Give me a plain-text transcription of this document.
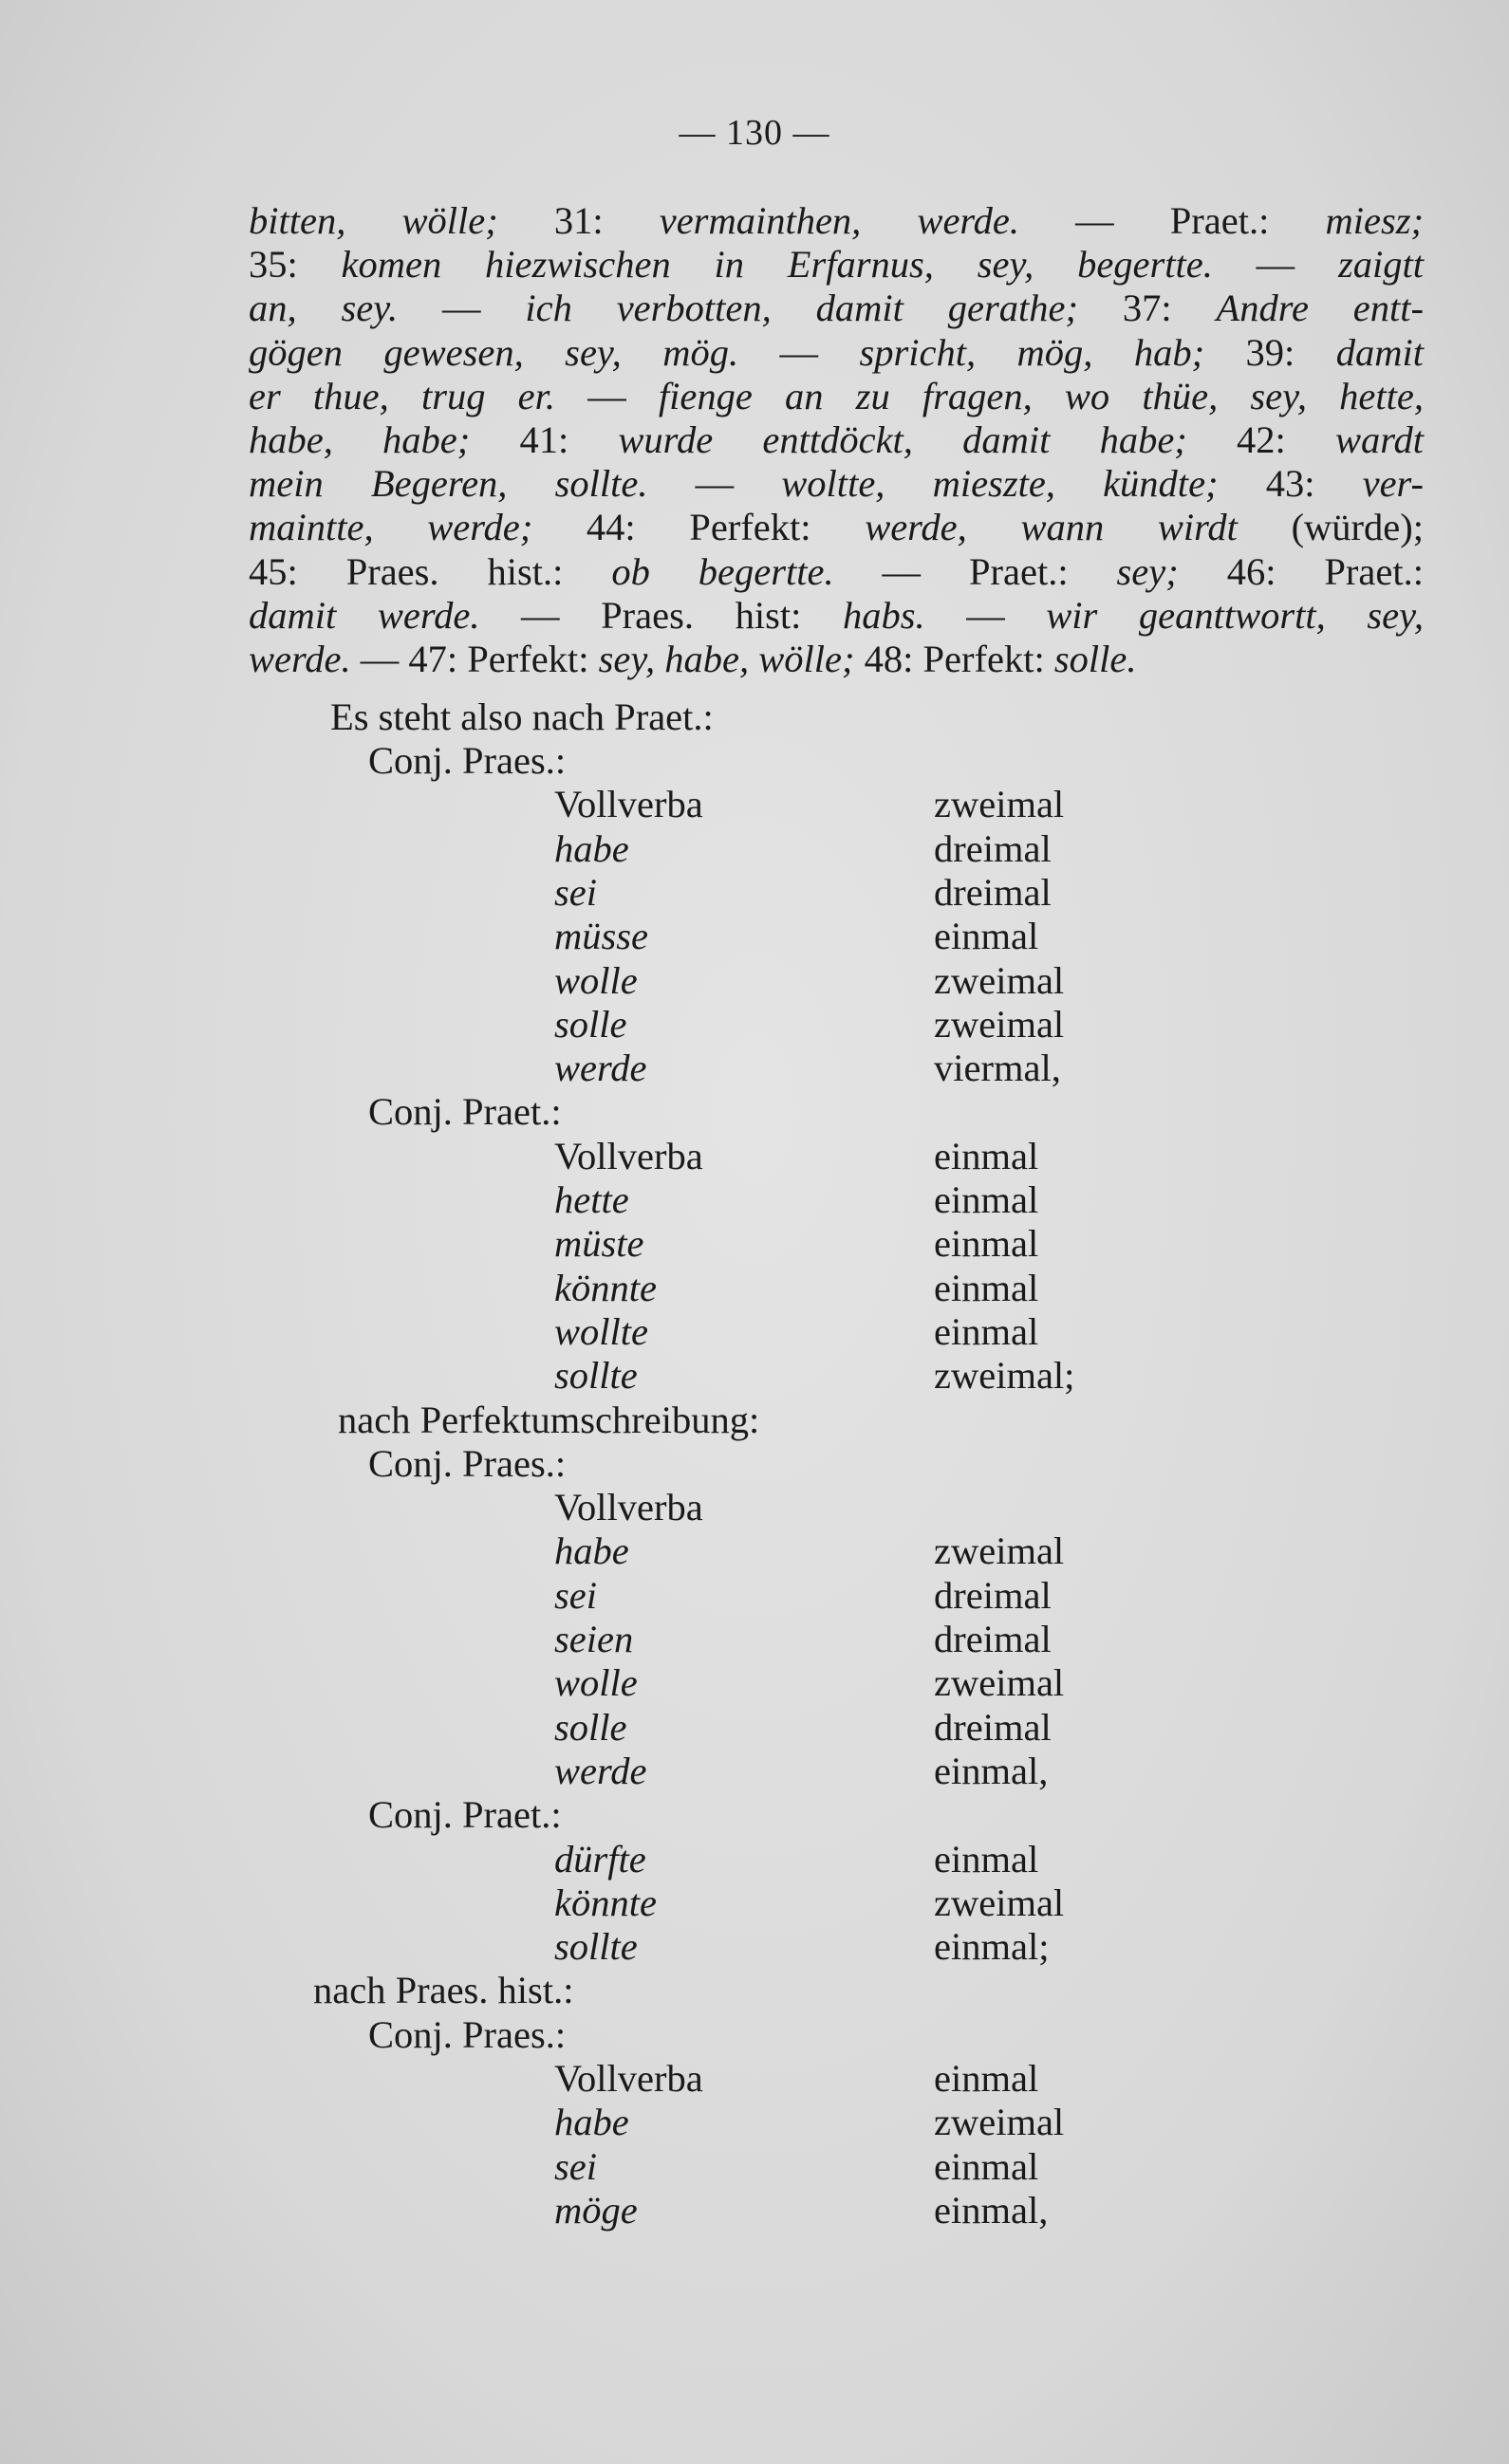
— 130 —
bitten, wölle; 31: vermainthen, werde. — Praet.: miesz;
35: komen hiezwischen in Erfarnus, sey, begertte. — zaigtt
an, sey. — ich verbotten, damit gerathe; 37: Andre entt-
gögen gewesen, sey, mög. — spricht, mög, hab; 39: damit
er thue, trug er. — fienge an zu fragen, wo thüe, sey, hette,
habe, habe; 41: wurde enttdöckt, damit habe; 42: wardt
mein Begeren, sollte. — woltte, mieszte, kündte; 43: ver-
maintte, werde; 44: Perfekt: werde, wann wirdt (würde);
45: Praes. hist.: ob begertte. — Praet.: sey; 46: Praet.:
damit werde. — Praes. hist: habs. — wir geanttwortt, sey,
werde. — 47: Perfekt: sey, habe, wölle; 48: Perfekt: solle.
Es steht also nach Praet.:
Conj. Praes.:
Vollverba	zweimal
habe	dreimal
sei	dreimal
müsse	einmal
wolle	zweimal
solle	zweimal
werde	viermal,
Conj. Praet.:
Vollverba	einmal
hette	einmal
müste	einmal
könnte	einmal
wollte	einmal
sollte	zweimal;
nach Perfektumschreibung:
Conj. Praes.:
Vollverba
habe	zweimal
sei	dreimal
seien	dreimal
wolle	zweimal
solle	dreimal
werde	einmal,
Conj. Praet.:
dürfte	einmal
könnte	zweimal
sollte	einmal;
nach Praes. hist.:
Conj. Praes.:
Vollverba	einmal
habe	zweimal
sei	einmal
möge	einmal,
